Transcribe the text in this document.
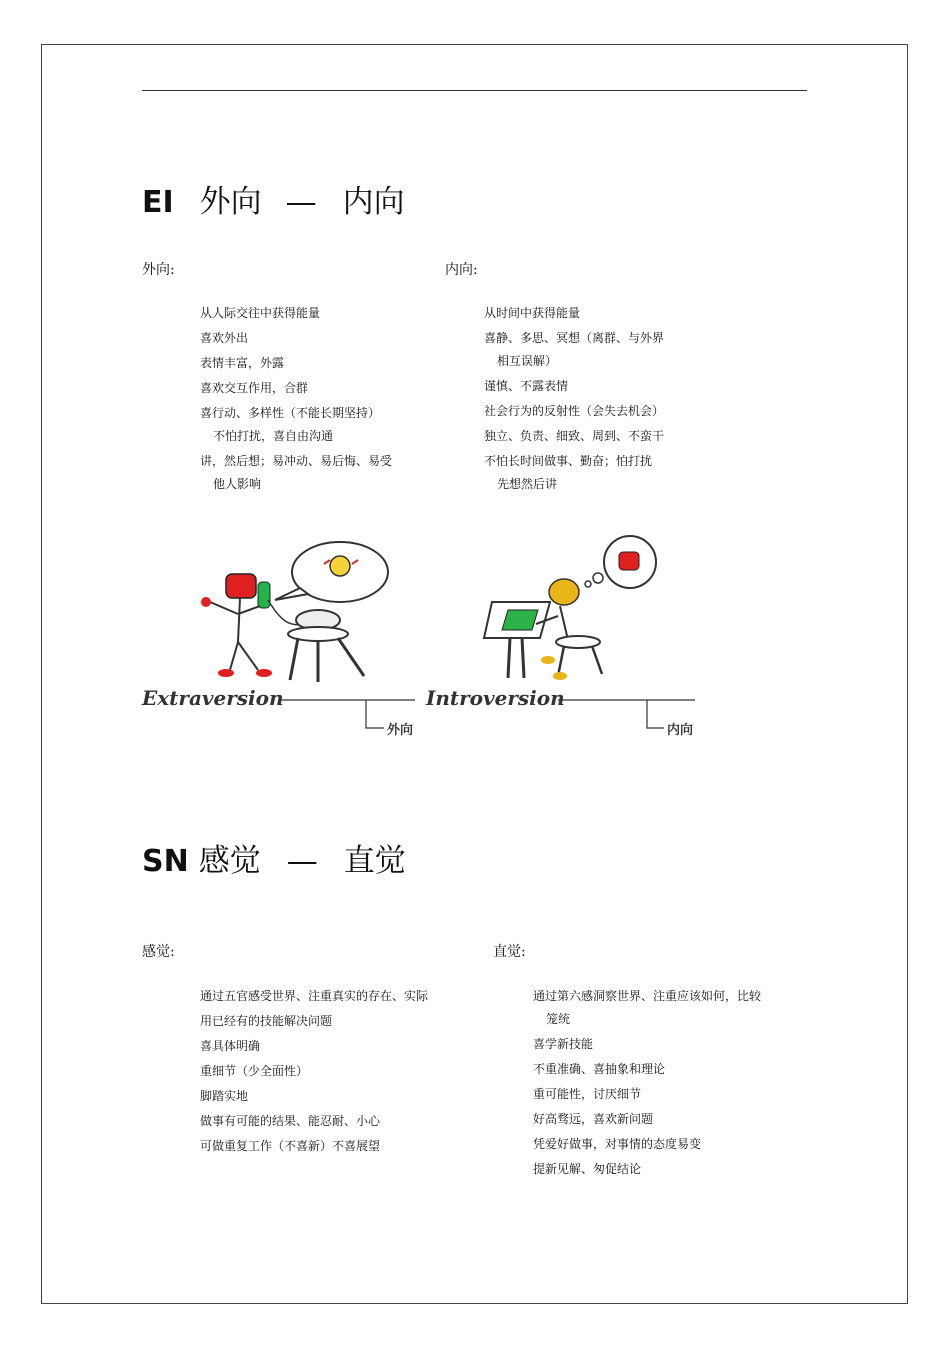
EI 外向 — 内向

外向:	内向:

从人际交往中获得能量
喜欢外出
表情丰富，外露
喜欢交互作用，合群
喜行动、多样性（不能长期坚持）
不怕打扰，喜自由沟通
讲，然后想；易冲动、易后悔、易受
他人影响
从时间中获得能量
喜静、多思、冥想（离群、与外界
相互误解）
谨慎、不露表情
社会行为的反射性（会失去机会）
独立、负责、细致、周到、不蛮干
不怕长时间做事、勤奋；怕打扰
先想然后讲
Extraversion
外向
Introversion
内向
SN 感觉 — 直觉

感觉:	直觉:

通过五官感受世界、注重真实的存在、实际
用已经有的技能解决问题
喜具体明确
重细节（少全面性）
脚踏实地
做事有可能的结果、能忍耐、小心
可做重复工作（不喜新）不喜展望
通过第六感洞察世界、注重应该如何，比较
笼统
喜学新技能
不重准确、喜抽象和理论
重可能性，讨厌细节
好高骛远，喜欢新问题
凭爱好做事，对事情的态度易变
提新见解、匆促结论
